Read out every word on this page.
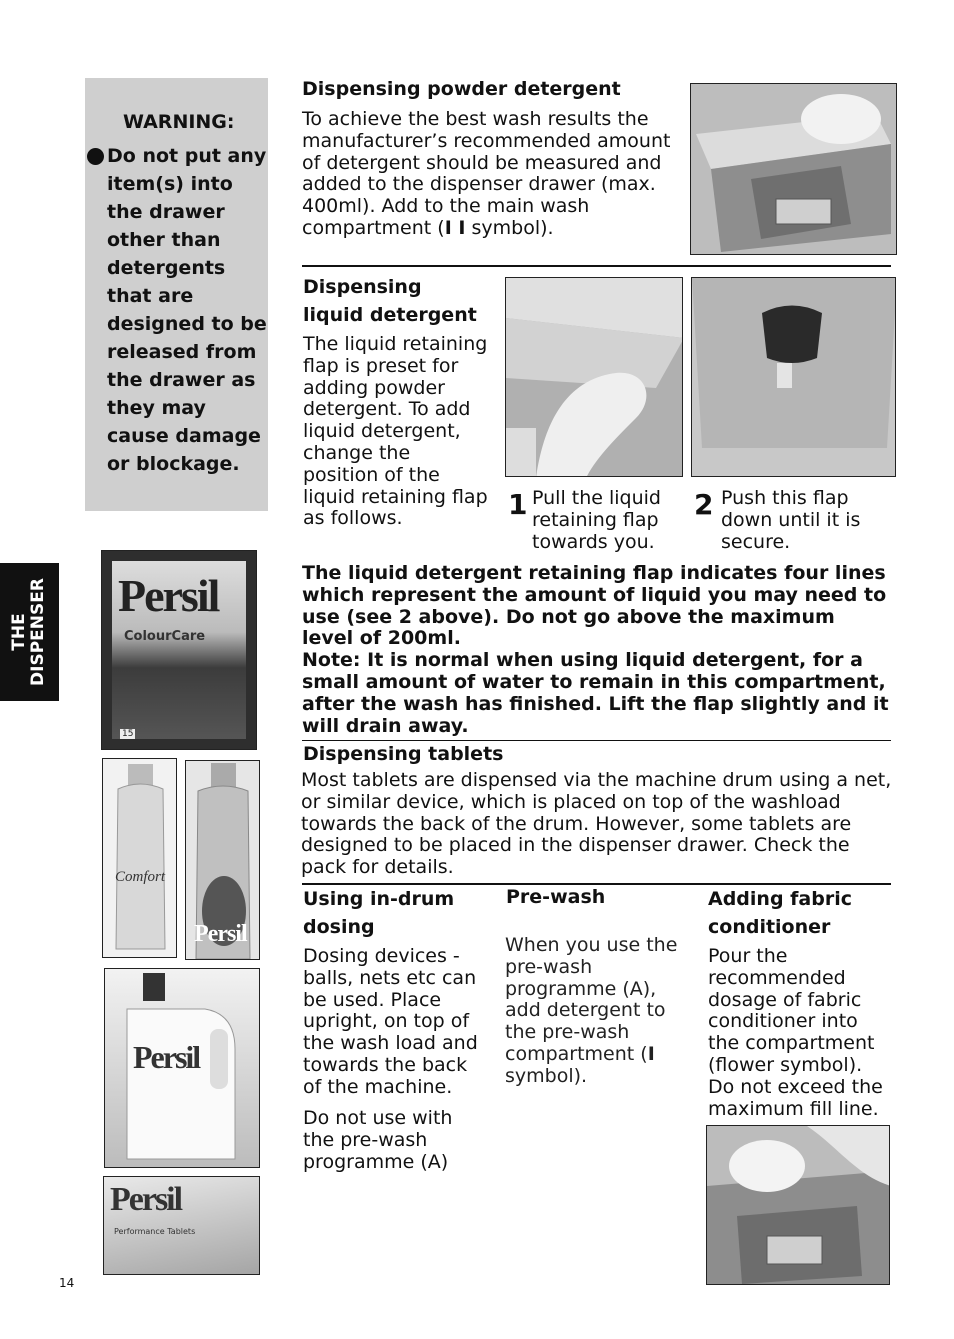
WARNING:
Do not put any item(s) into the drawer other than detergents that are designed to be released from the drawer as they may cause damage or blockage.
THE DISPENSER
Dispensing powder detergent
To achieve the best wash results the manufacturer’s recommended amount of detergent should be measured and added to the dispenser drawer (max. 400ml). Add to the main wash compartment (I I symbol).
Dispensing
liquid detergent
The liquid retaining flap is preset for adding powder detergent. To add liquid detergent, change the position of the liquid retaining flap as follows.	1 Pull the liquid retaining flap towards you.
2 Push this flap down until it is secure.

The liquid detergent retaining flap indicates four lines which represent the amount of liquid you may need to use (see 2 above). Do not go above the maximum level of 200ml.

Note: It is normal when using liquid detergent, for a small amount of water to remain in this compartment, after the wash has finished. Lift the flap slightly and it will drain away.

Dispensing tablets
Most tablets are dispensed via the machine drum using a net, or similar device, which is placed on top of the washload towards the back of the drum. However, some tablets are designed to be placed in the dispenser drawer. Check the pack for details.
Using in-drum
dosing
Dosing devices - balls, nets etc can be used. Place upright, on top of the wash load and towards the back of the machine.
Do not use with the pre-wash programme (A)
Pre-wash
When you use the pre-wash programme (A), add detergent to the pre-wash compartment (I symbol).
Adding fabric
conditioner
Pour the recommended dosage of fabric conditioner into the compartment (flower symbol). Do not exceed the maximum fill line.
Persil
ColourCare
15
Comfort
Persil
Persil
Persil
Performance Tablets
14
